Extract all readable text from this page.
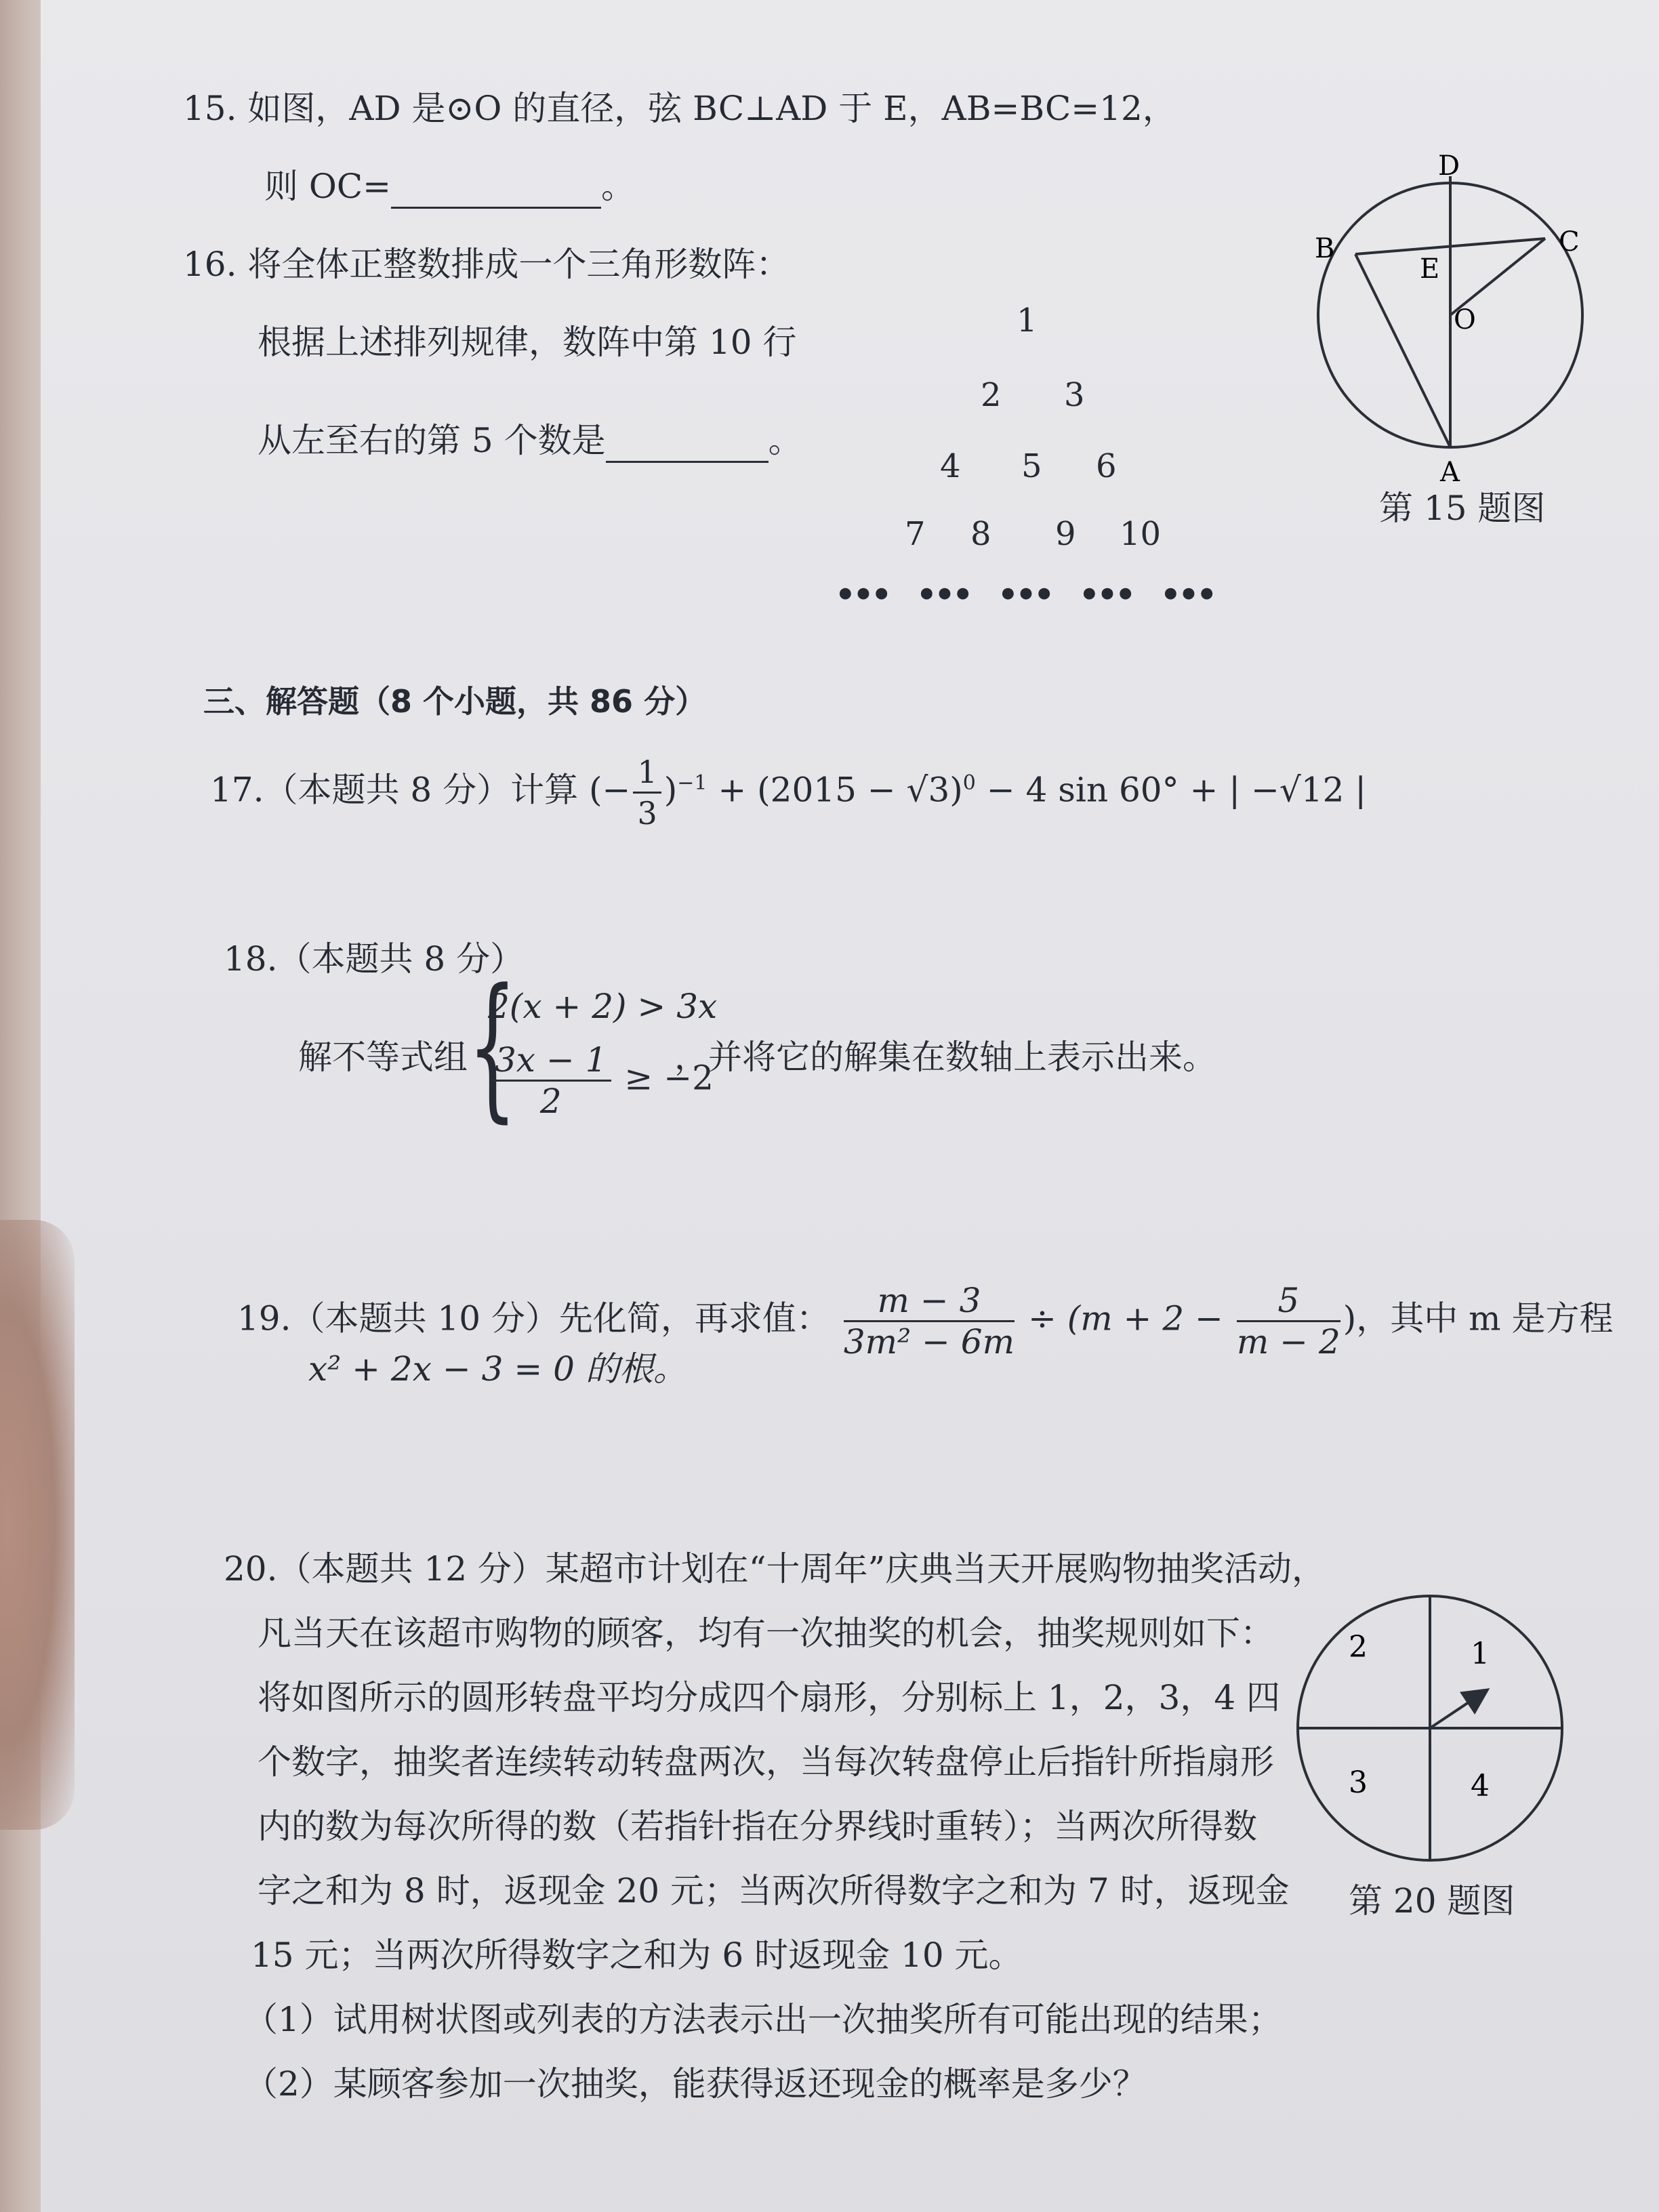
15. 如图，AD 是⊙O 的直径，弦 BC⊥AD 于 E，AB=BC=12，
则 OC=	。
D
B	C
E
O
A
第 15 题图
16. 将全体正整数排成一个三角形数阵：
根据上述排列规律，数阵中第 10 行
从左至右的第 5 个数是	。
1
2 3
4 5 6
7 8 9 10
••• ••• ••• ••• •••
三、解答题（8 个小题，共 86 分）
17.（本题共 8 分）计算 (− $\frac{1}{3} )^{-1} + (2015 - √3)^0 - 4$ sin 60° + | −√12 |
18.（本题共 8 分）
解不等式组 {
2(x + 2) > 3x
$\frac{3x - 1}{2} \ge -2$
，并将它的解集在数轴上表示出来。
19.（本题共 10 分）先化简，再求值： $\frac{m - 3}{\text{3m² − 6m}} \div (m + 2 - \frac{5}{m - 2}$ )，其中 m 是方程
x² + 2x − 3 = 0 的根。
20.（本题共 12 分）某超市计划在“十周年”庆典当天开展购物抽奖活动，
凡当天在该超市购物的顾客，均有一次抽奖的机会，抽奖规则如下：
将如图所示的圆形转盘平均分成四个扇形，分别标上 1，2，3，4 四
个数字，抽奖者连续转动转盘两次，当每次转盘停止后指针所指扇形
内的数为每次所得的数（若指针指在分界线时重转）；当两次所得数
字之和为 8 时，返现金 20 元；当两次所得数字之和为 7 时，返现金
15 元；当两次所得数字之和为 6 时返现金 10 元。
（1）试用树状图或列表的方法表示出一次抽奖所有可能出现的结果；
（2）某顾客参加一次抽奖，能获得返还现金的概率是多少？
1
2
3	4
第 20 题图
